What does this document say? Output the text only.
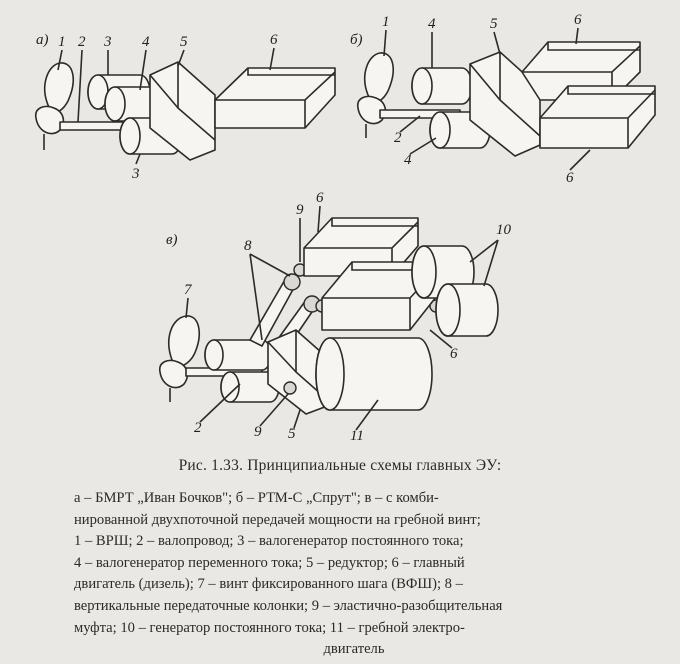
а) 1 2 3 4 5	6
3
б)
1	4	5	6
2
4
6
в)
9
6
10
8
7
6
2	9 5	11
Рис. 1.33. Принципиальные схемы главных ЭУ:
а – БМРТ „Иван Бочков"; б – РТМ-С „Спрут"; в – с комби-
нированной двухпоточной передачей мощности на гребной винт;
1 – ВРШ; 2 – валопровод; 3 – валогенератор постоянного тока;
4 – валогенератор переменного тока; 5 – редуктор; 6 – главный
двигатель (дизель); 7 – винт фиксированного шага (ВФШ); 8 –
вертикальные передаточные колонки; 9 – эластично-разобщительная
муфта; 10 – генератор постоянного тока; 11 – гребной электро-
двигатель
